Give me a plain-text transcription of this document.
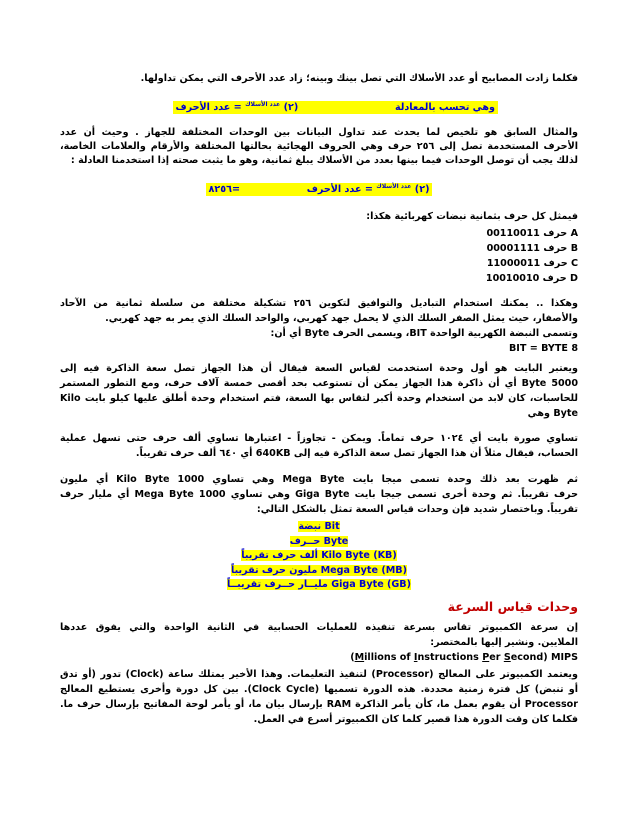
فكلما زادت المصابيح أو عدد الأسلاك التي تصل بينك وبينه؛ زاد عدد الأحرف التي يمكن تداولها.
وهي تحسب بالمعادلة  (٢) $^{عدد الأسلاك}$ = عدد الأحرف
والمثال السابق هو تلخيص لما يحدث عند تداول البيانات بين الوحدات المختلفة للجهاز . وحيث أن عدد
الأحرف المستخدمة تصل إلى ٢٥٦ حرف وهي الحروف الهجائية بحالتها المختلفة والأرقام والعلامات الخاصة،
لذلك يجب أن توصل الوحدات فيما بينها بعدد من الأسلاك يبلغ ثمانية، وهو ما يثبت صحته إذا استخدمنا العادلة :
(٢) $^{عدد الأسلاك}$ = عدد الأحرف  =٨٢٥٦
فيمثل كل حرف بثمانية نبضات كهربائية هكذا:
A حرف 00110011
B حرف 00001111
C حرف 11000011
D حرف 10010010
وهكذا .. يمكنك استخدام التباديل والتوافيق لتكوين ٢٥٦ تشكيلة مختلفة من سلسلة ثمانية من الآحاد
والأصفار، حيث يمثل الصفر السلك الذي لا يحمل جهد كهربي، والواحد السلك الذي يمر به جهد كهربي.
وتسمى النبضة الكهربية الواحدة BIT، ويسمى الحرف Byte أي أن:
8 BIT = BYTE
ويعتبر البايت هو أول وحدة استخدمت لقياس السعة فيقال أن هذا الجهاز تصل سعة الذاكرة فيه إلى
5000 Byte أي أن ذاكرة هذا الجهاز يمكن أن تستوعب بحد أقصى خمسة آلاف حرف، ومع التطور المستمر
للحاسبات، كان لابد من استخدام وحدة أكبر لتقاس بها السعة، فتم استخدام وحدة أطلق عليها كيلو بايت Kilo
Byte وهي
تساوي صورة بايت أي ١٠٢٤ حرف تماماً. ويمكن - تجاوزاً - اعتبارها تساوي ألف حرف حتى تسهل عملية
الحساب، فيقال مثلاً أن هذا الجهاز تصل سعة الذاكرة فيه إلى 640KB أي ٦٤٠ ألف حرف تقريباً.
ثم ظهرت بعد ذلك وحدة تسمى ميجا بايت Mega Byte وهي تساوي 1000 Kilo Byte أي مليون
حرف تقريباً. ثم وحدة أخرى تسمى جيجا بايت Giga Byte وهي تساوي 1000 Mega Byte أي مليار حرف
تقريباً. وباختصار شديد فإن وحدات قياس السعة تمثل بالشكل التالي:
Bit نبضة
Byte حــرف
Kilo Byte (KB) ألف حرف تقريباً
Mega Byte (MB) مليون حرف تقريباً
Giga Byte (GB) مليــار حــرف تقريبــاً
وحدات قياس السرعة
إن سرعة الكمبيوتر تقاس بسرعة تنفيذه للعمليات الحسابية في الثانية الواحدة والتي يفوق عددها
الملايين. ونشير إليها بالمختصر:
(Millions of Instructions Per Second) MIPS
ويعتمد الكمبيوتر على المعالج (Processor) لتنفيذ التعليمات. وهذا الأخير يمتلك ساعة (Clock) تدور (أو تدق
أو تنبض) كل فترة زمنية محددة. هذه الدورة تسميها (Clock Cycle). بين كل دورة وأخرى يستطيع المعالج
Processor أن يقوم بعمل ما، كأن يأمر الذاكرة RAM بإرسال بيان ما، أو يأمر لوحة المفاتيح بإرسال حرف ما.
فكلما كان وقت الدورة هذا قصير كلما كان الكمبيوتر أسرع في العمل.
